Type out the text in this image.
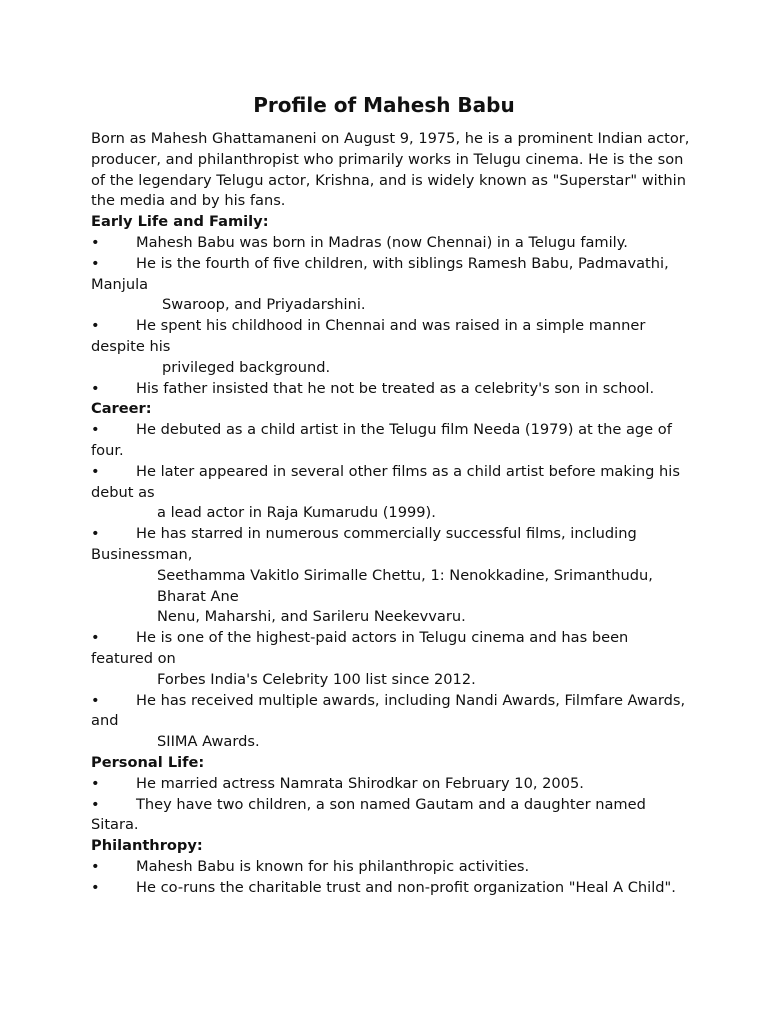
Profile of Mahesh Babu

Born as Mahesh Ghattamaneni on August 9, 1975, he is a prominent Indian actor, producer, and philanthropist who primarily works in Telugu cinema. He is the son of the legendary Telugu actor, Krishna, and is widely known as "Superstar" within the media and by his fans.

Early Life and Family:

• Mahesh Babu was born in Madras (now Chennai) in a Telugu family.

• He is the fourth of five children, with siblings Ramesh Babu, Padmavathi, Manjula
Swaroop, and Priyadarshini.

• He spent his childhood in Chennai and was raised in a simple manner despite his
privileged background.

• His father insisted that he not be treated as a celebrity's son in school.

Career:

• He debuted as a child artist in the Telugu film Needa (1979) at the age of four.

• He later appeared in several other films as a child artist before making his debut as
a lead actor in Raja Kumarudu (1999).

• He has starred in numerous commercially successful films, including Businessman,
Seethamma Vakitlo Sirimalle Chettu, 1: Nenokkadine, Srimanthudu, Bharat Ane
Nenu, Maharshi, and Sarileru Neekevvaru.

• He is one of the highest-paid actors in Telugu cinema and has been featured on
Forbes India's Celebrity 100 list since 2012.

• He has received multiple awards, including Nandi Awards, Filmfare Awards, and
SIIMA Awards.

Personal Life:

• He married actress Namrata Shirodkar on February 10, 2005.

• They have two children, a son named Gautam and a daughter named Sitara.

Philanthropy:

• Mahesh Babu is known for his philanthropic activities.

• He co-runs the charitable trust and non-profit organization "Heal A Child".
